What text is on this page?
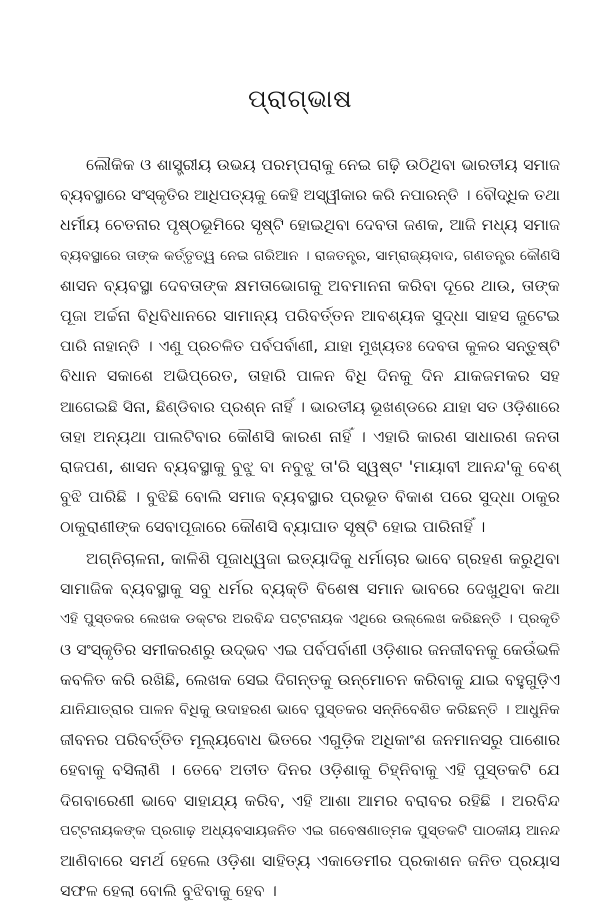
ପ୍ରାଗ୍‌ଭାଷ
ଲୌକିକ ଓ ଶାସ୍ତ୍ରୀୟ ଉଭୟ ପରମ୍ପରାକୁ ନେଇ ଗଢ଼ି ଉଠିଥିବା ଭାରତୀୟ ସମାଜ
ବ୍ୟବସ୍ଥାରେ ସଂସ୍କୃତିର ଆଧିପତ୍ୟକୁ କେହି ଅସ୍ୱୀକାର କରି ନପାରନ୍ତି । ବୌଦ୍ଧିକ ତଥା
ଧର୍ମୀୟ ଚେତନାର ପୃଷ୍ଠଭୂମିରେ ସୃଷ୍ଟି ହୋଇଥିବା ଦେବତା ଜଣକ, ଆଜି ମଧ୍ୟ ସମାଜ
ବ୍ୟବସ୍ଥାରେ ତାଙ୍କ କର୍ତ୍ତୃତ୍ୱ ନେଇ ଗରିଆନ । ରାଜତନ୍ତ୍ର, ସାମ୍ରାଜ୍ୟବାଦ, ଗଣତନ୍ତ୍ର କୌଣସି
ଶାସନ ବ୍ୟବସ୍ଥା ଦେବତାଙ୍କ କ୍ଷମତାଭୋଗକୁ ଅବମାନନା କରିବା ଦୂରେ ଥାଉ, ତାଙ୍କ
ପୂଜା ଅର୍ଚ୍ଚନା ବିଧିବିଧାନରେ ସାମାନ୍ୟ ପରିବର୍ତ୍ତନ ଆବଶ୍ୟକ ସୁଦ୍ଧା ସାହସ ଜୁଟେଇ
ପାରି ନାହାନ୍ତି । ଏଣୁ ପ୍ରଚଳିତ ପର୍ବପର୍ବାଣୀ, ଯାହା ମୁଖ୍ୟତଃ ଦେବତା କୁଳର ସନ୍ତୁଷ୍ଟି
ବିଧାନ ସକାଶେ ଅଭିପ୍ରେତ, ତାହାରି ପାଳନ ବିଧି ଦିନକୁ ଦିନ ଯାକଜମକର ସହ
ଆଗେଇଛି ସିନା, ଛିଣ୍ଡିବାର ପ୍ରଶ୍ନ ନାହିଁ । ଭାରତୀୟ ଭୂଖଣ୍ଡରେ ଯାହା ସତ ଓଡ଼ିଶାରେ
ତାହା ଅନ୍ୟଥା ପାଲଟିବାର କୌଣସି କାରଣ ନାହିଁ । ଏହାରି କାରଣ ସାଧାରଣ ଜନତା
ରାଜପଣ, ଶାସନ ବ୍ୟବସ୍ଥାକୁ ବୁଝୁ ବା ନବୁଝୁ ତା'ରି ସ୍ୱଷ୍ଟ 'ମାୟାବୀ ଆନନ୍ଦ'କୁ ବେଶ୍
ବୁଝି ପାରିଛି । ବୁଝିଛି ବୋଲି ସମାଜ ବ୍ୟବସ୍ଥାର ପ୍ରଭୂତ ବିକାଶ ପରେ ସୁଦ୍ଧା ଠାକୁର
ଠାକୁରାଣୀଙ୍କ ସେବାପୂଜାରେ କୌଣସି ବ୍ୟାଘାତ ସୃଷ୍ଟି ହୋଇ ପାରିନାହିଁ ।
ଅଗ୍ନିଚାଳନା, କାଳିଶି ପୂଜାଧ୍ୱଜା ଇତ୍ୟାଦିକୁ ଧର୍ମାଚାର ଭାବେ ଗ୍ରହଣ କରୁଥିବା
ସାମାଜିକ ବ୍ୟବସ୍ଥାକୁ ସବୁ ଧର୍ମର ବ୍ୟକ୍ତି ବିଶେଷ ସମାନ ଭାବରେ ଦେଖୁଥିବା କଥା
ଏହି ପୁସ୍ତକର ଲେଖକ ଡକ୍ଟର ଅରବିନ୍ଦ ପଟ୍ଟନାୟକ ଏଥିରେ ଉଲ୍ଲେଖ କରିଛନ୍ତି । ପ୍ରକୃତି
ଓ ସଂସ୍କୃତିର ସମୀକରଣରୁ ଉଦ୍ଭବ ଏଇ ପର୍ବପର୍ବାଣୀ ଓଡ଼ିଶାର ଜନଜୀବନକୁ କେଉଁଭଳି
କବଳିତ କରି ରଖିଛି, ଲେଖକ ସେଇ ଦିଗନ୍ତକୁ ଉନ୍ମୋଚନ କରିବାକୁ ଯାଇ ବହୁଗୁଡ଼ିଏ
ଯାନିଯାତ୍ରାର ପାଳନ ବିଧିକୁ ଉଦାହରଣ ଭାବେ ପୁସ୍ତକର ସନ୍ନିବେଶିତ କରିଛନ୍ତି । ଆଧୁନିକ
ଜୀବନର ପରିବର୍ତ୍ତିତ ମୂଲ୍ୟବୋଧ ଭିତରେ ଏଗୁଡ଼ିକ ଅଧିକାଂଶ ଜନମାନସରୁ ପାଶୋର
ହେବାକୁ ବସିଲାଣି । ତେବେ ଅତୀତ ଦିନର ଓଡ଼ିଶାକୁ ଚିହ୍ନିବାକୁ ଏହି ପୁସ୍ତକଟି ଯେ
ଦିଗବାରେଣୀ ଭାବେ ସାହାଯ୍ୟ କରିବ, ଏହି ଆଶା ଆମର ବରାବର ରହିଛି । ଅରବିନ୍ଦ
ପଟ୍ଟନାୟକଙ୍କ ପ୍ରଗାଢ଼ ଅଧ୍ୟବସାୟଜନିତ ଏଇ ଗବେଷଣାତ୍ମକ ପୁସ୍ତକଟି ପାଠକୀୟ ଆନନ୍ଦ
ଆଣିବାରେ ସମର୍ଥ ହେଲେ ଓଡ଼ିଶା ସାହିତ୍ୟ ଏକାଡେମୀର ପ୍ରକାଶନ ଜନିତ ପ୍ରୟାସ
ସଫଳ ହେଲା ବୋଲି ବୁଝିବାକୁ ହେବ ।
